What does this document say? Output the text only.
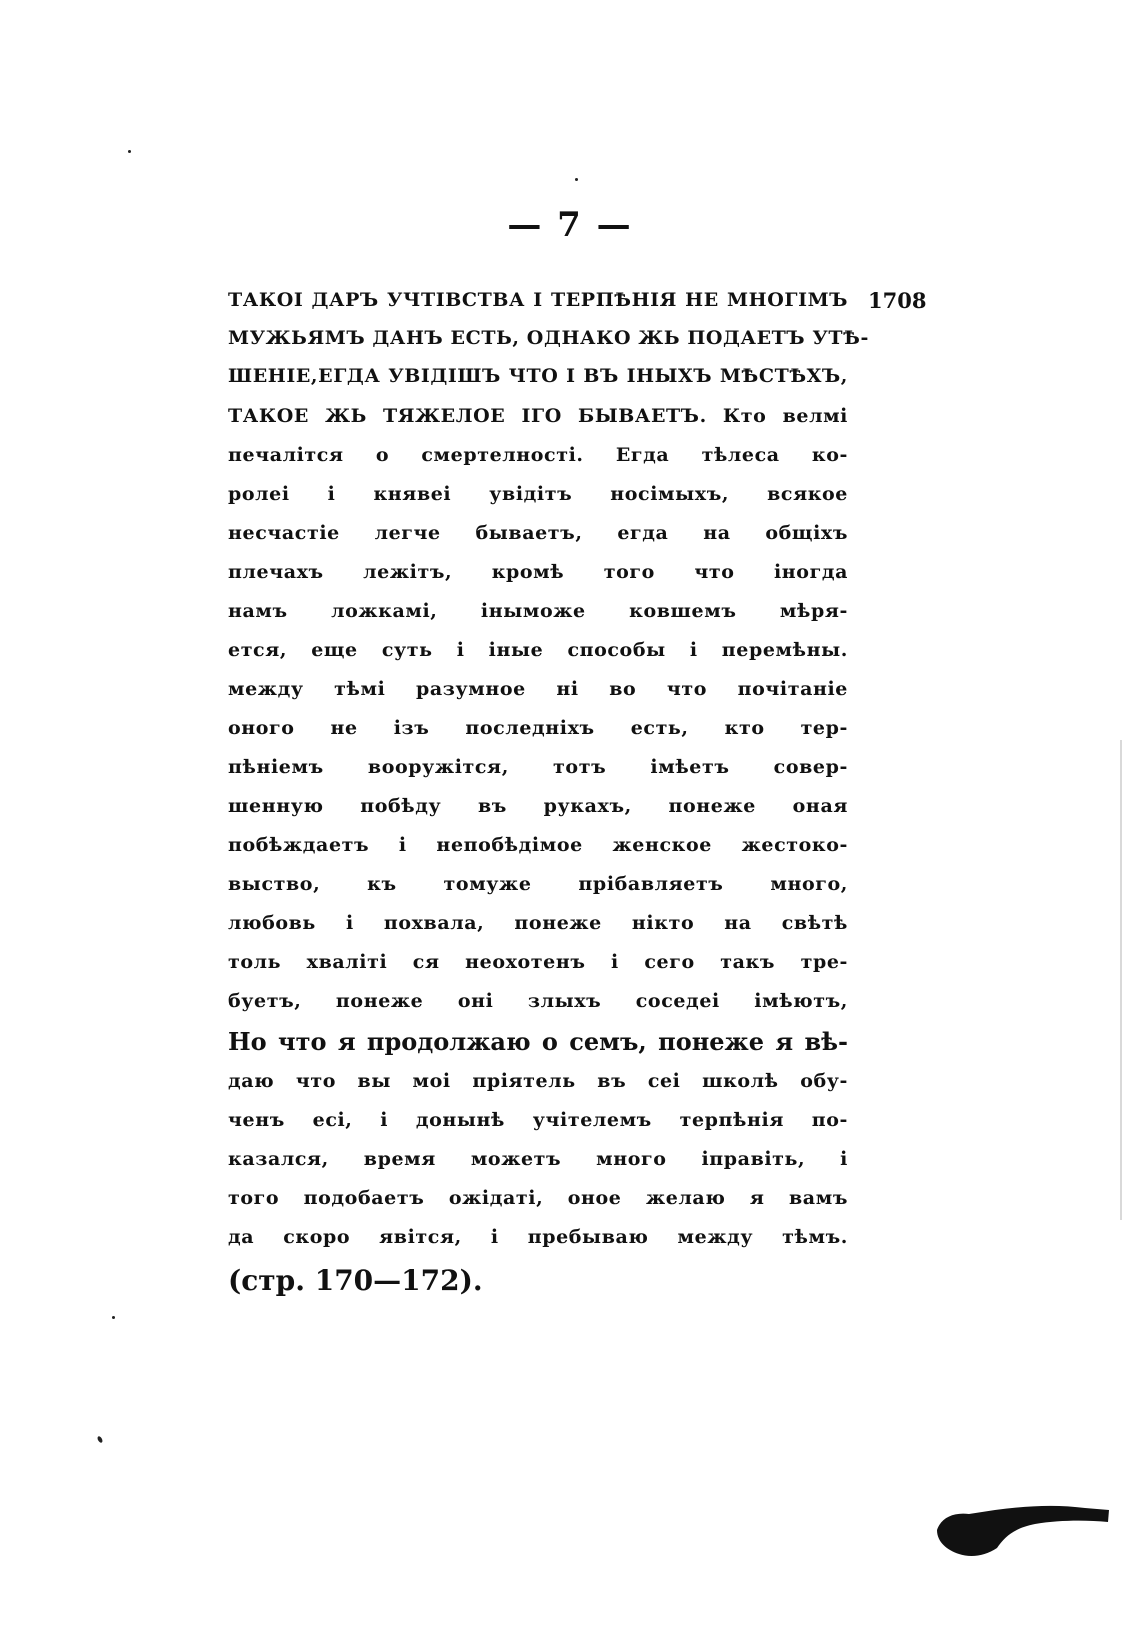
— 7 —
1708
ТАКОІ ДАРЪ УЧТІВСТВА І ТЕРПѢНІЯ НЕ МНОГІМЪ
МУЖЬЯМЪ ДАНЪ ЕСТЬ, ОДНАКО ЖЬ ПОДАЕТЪ УТѢ-
ШЕНІЕ,ЕГДА УВІДІШЪ ЧТО І ВЪ ІНЫХЪ МѢСТѢХЪ,
ТАКОЕ ЖЬ ТЯЖЕЛОЕ ІГО БЫВАЕТЪ. Кто велмі
печалітся о смертелності. Егда тѣлеса ко-
ролеі і княвеі увідітъ носімыхъ, всякое
несчастіе легче бываетъ, егда на общіхъ
плечахъ лежітъ, кромѣ того что іногда
намъ ложкамі, іныможе ковшемъ мѣря-
ется, еще суть і іные способы і перемѣны.
между тѣмі разумное ні во что почітаніе
оного не ізъ последніхъ есть, кто тер-
пѣніемъ вооружітся, тотъ імѣетъ совер-
шенную побѣду въ рукахъ, понеже оная
побѣждаетъ і непобѣдімое женское жестоко-
выство, къ томуже прібавляетъ много,
любовь і похвала, понеже нікто на свѣтѣ
толь хваліті ся неохотенъ і сего такъ тре-
буетъ, понеже оні злыхъ соседеі імѣютъ,
Но что я продолжаю о семъ, понеже я вѣ-
даю что вы моі пріятель въ сеі школѣ обу-
ченъ есі, і донынѣ учітелемъ терпѣнія по-
казался, время можетъ много іправіть, і
того подобаетъ ожідаті, оное желаю я вамъ
да скоро явітся, і пребываю между тѣмъ.
(стр. 170—172).
